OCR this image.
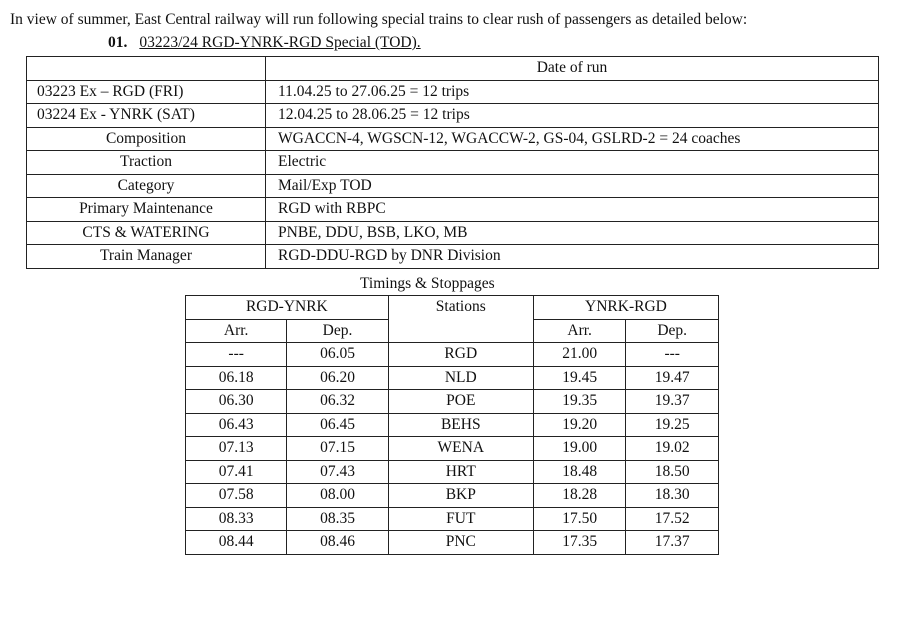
In view of summer, East Central railway will run following special trains to clear rush of passengers as detailed below:
01. 03223/24 RGD-YNRK-RGD Special (TOD).
	Date of run
03223 Ex – RGD (FRI)	11.04.25 to 27.06.25 = 12 trips
03224 Ex - YNRK (SAT)	12.04.25 to 28.06.25 = 12 trips
Composition	WGACCN-4, WGSCN-12, WGACCW-2, GS-04, GSLRD-2 = 24 coaches
Traction	Electric
Category	Mail/Exp TOD
Primary Maintenance	RGD with RBPC
CTS & WATERING	PNBE, DDU, BSB, LKO, MB
Train Manager	RGD-DDU-RGD by DNR Division
Timings & Stoppages
RGD-YNRK		Stations	YNRK-RGD	
Arr.	Dep.		Arr.	Dep.
---	06.05	RGD	21.00	---
06.18	06.20	NLD	19.45	19.47
06.30	06.32	POE	19.35	19.37
06.43	06.45	BEHS	19.20	19.25
07.13	07.15	WENA	19.00	19.02
07.41	07.43	HRT	18.48	18.50
07.58	08.00	BKP	18.28	18.30
08.33	08.35	FUT	17.50	17.52
08.44	08.46	PNC	17.35	17.37
